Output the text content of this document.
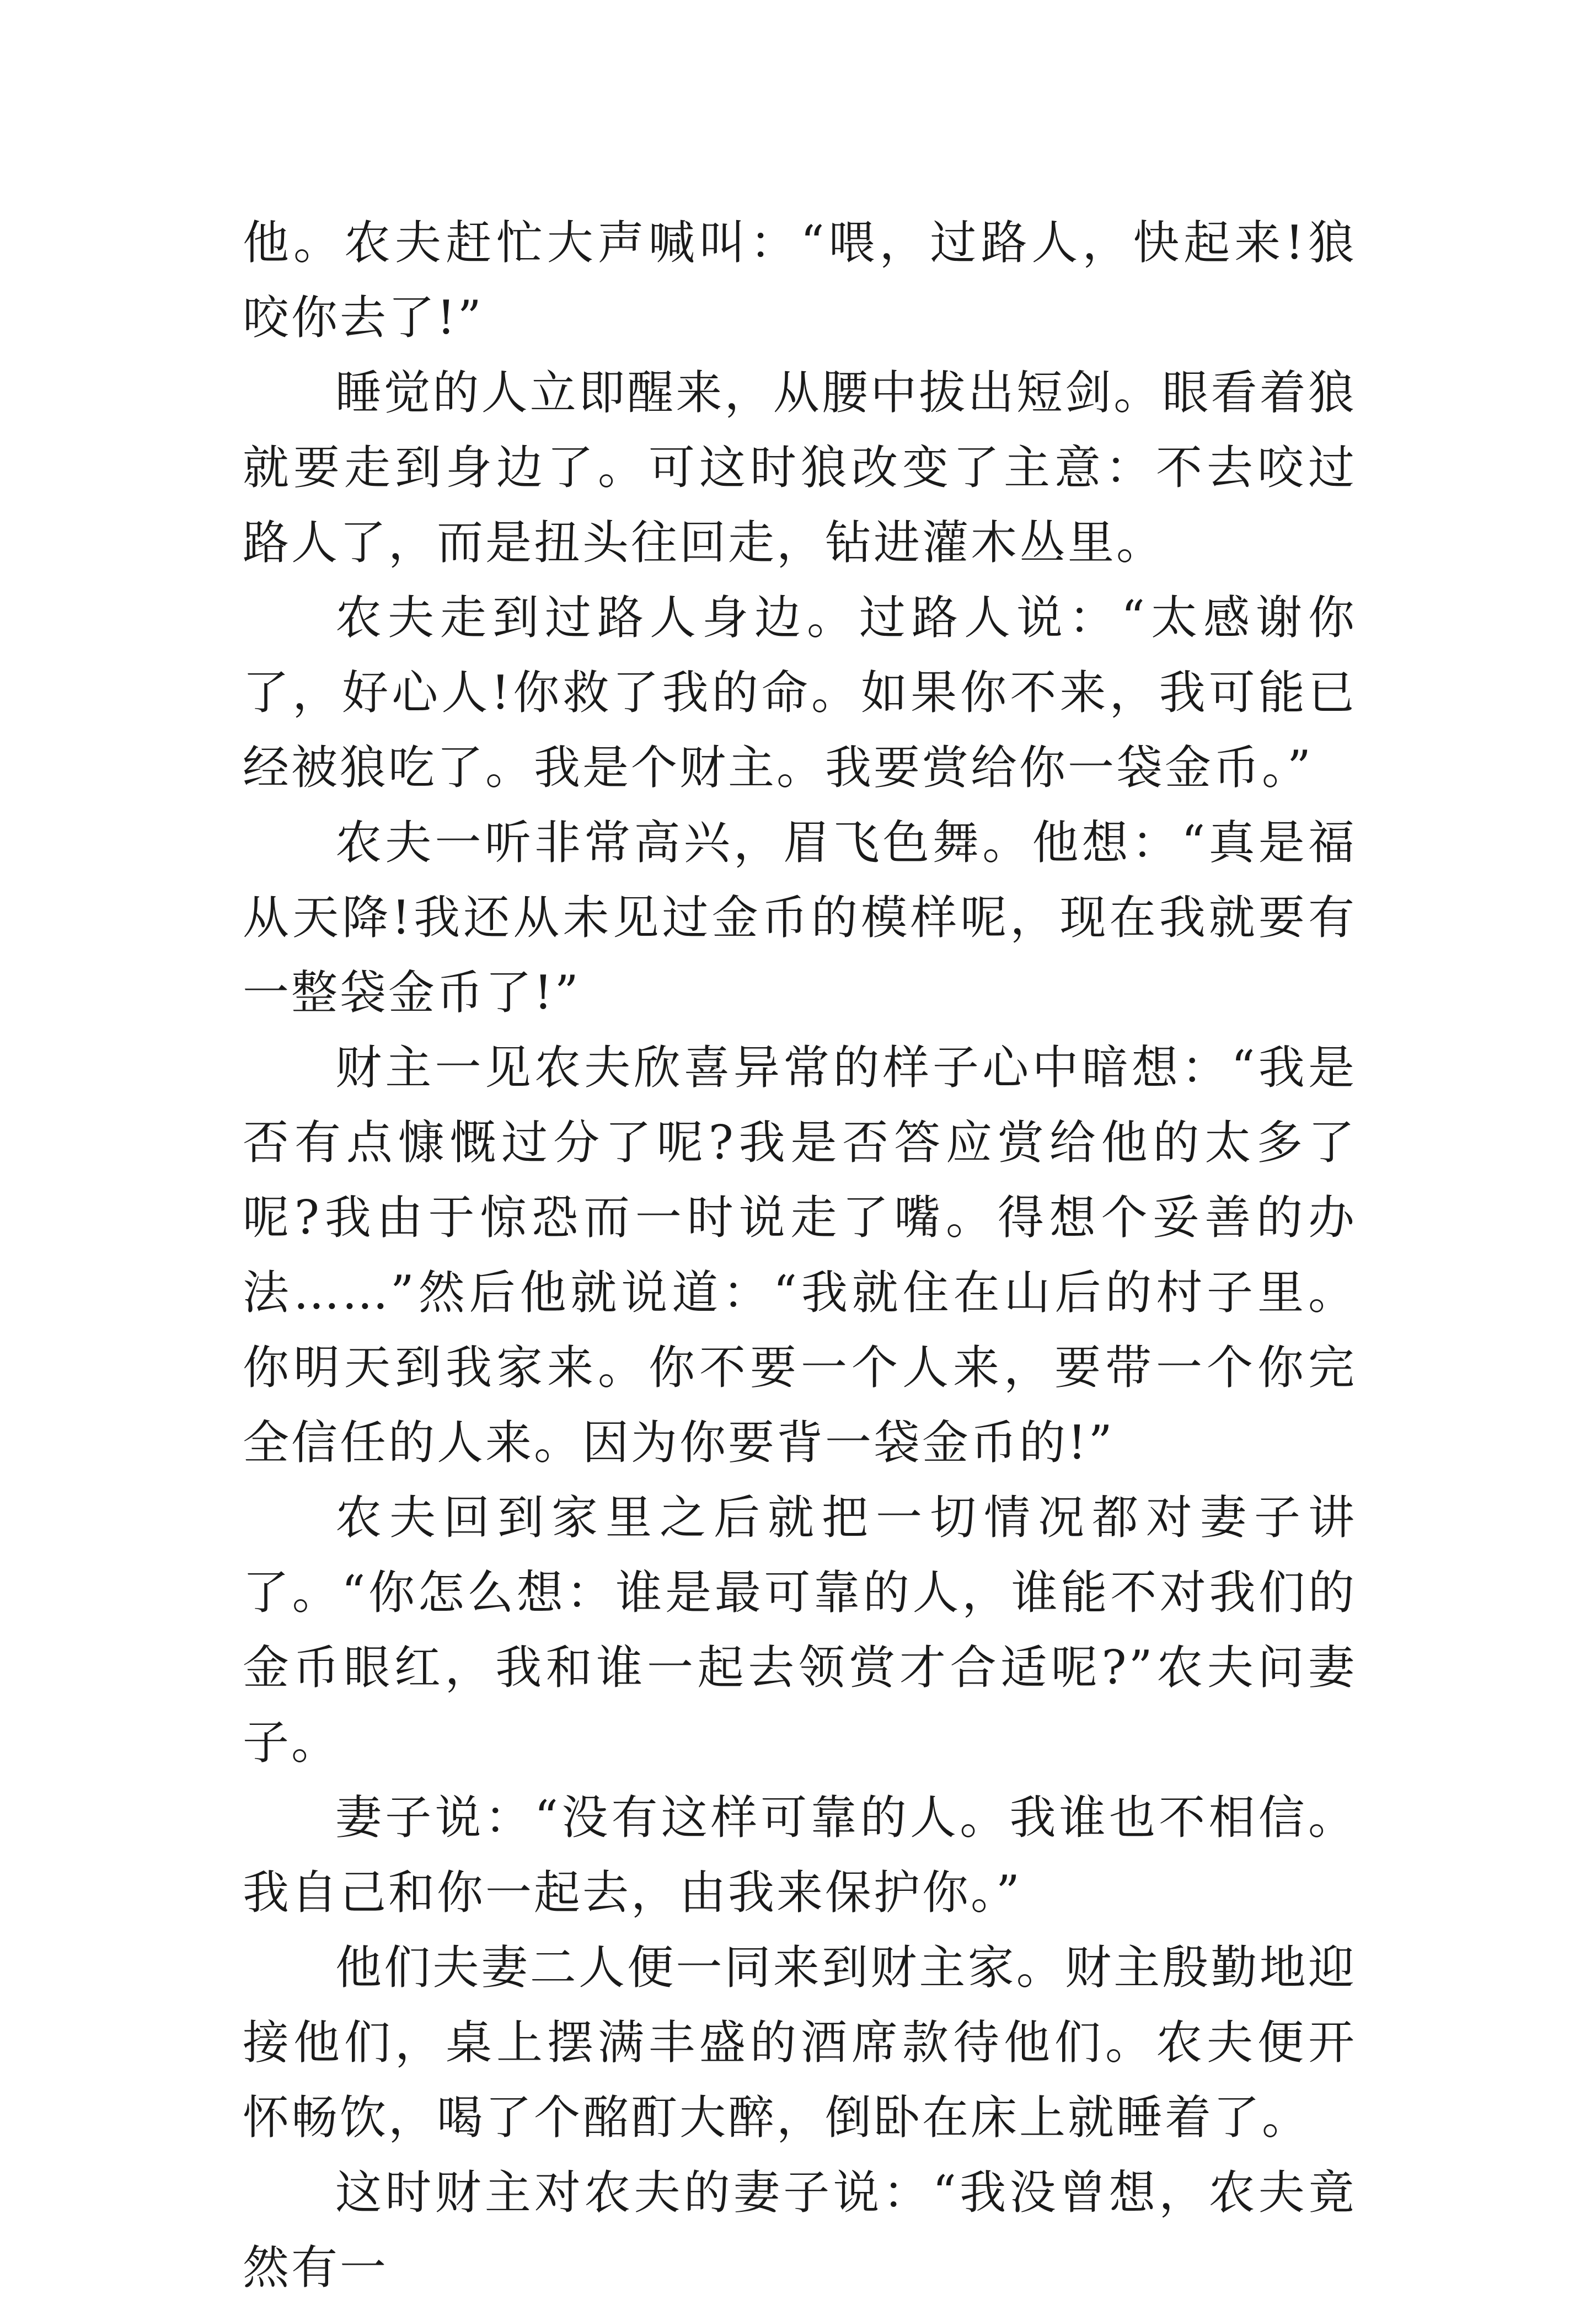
他。农夫赶忙大声喊叫：“喂，过路人，快起来!狼咬你去了!”

睡觉的人立即醒来，从腰中拔出短剑。眼看着狼就要走到身边了。可这时狼改变了主意：不去咬过路人了，而是扭头往回走，钻进灌木丛里。

农夫走到过路人身边。过路人说：“太感谢你了，好心人!你救了我的命。如果你不来，我可能已经被狼吃了。我是个财主。我要赏给你一袋金币。”

农夫一听非常高兴，眉飞色舞。他想：“真是福从天降!我还从未见过金币的模样呢，现在我就要有一整袋金币了!”

财主一见农夫欣喜异常的样子心中暗想：“我是否有点慷慨过分了呢?我是否答应赏给他的太多了呢?我由于惊恐而一时说走了嘴。得想个妥善的办法……”然后他就说道：“我就住在山后的村子里。你明天到我家来。你不要一个人来，要带一个你完全信任的人来。因为你要背一袋金币的!”

农夫回到家里之后就把一切情况都对妻子讲了。“你怎么想：谁是最可靠的人，谁能不对我们的金币眼红，我和谁一起去领赏才合适呢?”农夫问妻子。

妻子说：“没有这样可靠的人。我谁也不相信。我自己和你一起去，由我来保护你。”

他们夫妻二人便一同来到财主家。财主殷勤地迎接他们，桌上摆满丰盛的酒席款待他们。农夫便开怀畅饮，喝了个酩酊大醉，倒卧在床上就睡着了。

这时财主对农夫的妻子说：“我没曾想，农夫竟然有一
